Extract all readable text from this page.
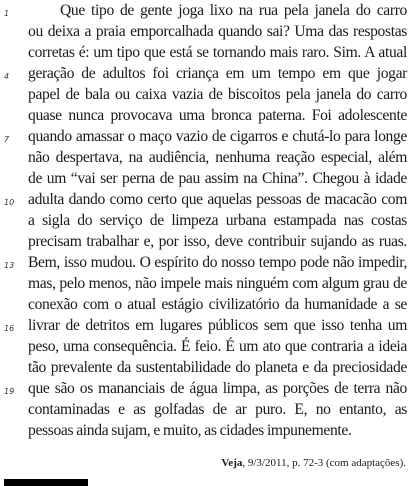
1
4
7
10
13
16
19
Que tipo de gente joga lixo na rua pela janela do carro
ou deixa a praia emporcalhada quando sai? Uma das respostas
corretas é: um tipo que está se tornando mais raro. Sim. A atual
geração de adultos foi criança em um tempo em que jogar
papel de bala ou caixa vazia de biscoitos pela janela do carro
quase nunca provocava uma bronca paterna. Foi adolescente
quando amassar o maço vazio de cigarros e chutá-lo para longe
não despertava, na audiência, nenhuma reação especial, além
de um “vai ser perna de pau assim na China”. Chegou à idade
adulta dando como certo que aquelas pessoas de macacão com
a sigla do serviço de limpeza urbana estampada nas costas
precisam trabalhar e, por isso, deve contribuir sujando as ruas.
Bem, isso mudou. O espírito do nosso tempo pode não impedir,
mas, pelo menos, não impele mais ninguém com algum grau de
conexão com o atual estágio civilizatório da humanidade a se
livrar de detritos em lugares públicos sem que isso tenha um
peso, uma consequência. É feio. É um ato que contraria a ideia
tão prevalente da sustentabilidade do planeta e da preciosidade
que são os mananciais de água limpa, as porções de terra não
contaminadas e as golfadas de ar puro. E, no entanto, as
pessoas ainda sujam, e muito, as cidades impunemente.
Veja, 9/3/2011, p. 72-3 (com adaptações).
